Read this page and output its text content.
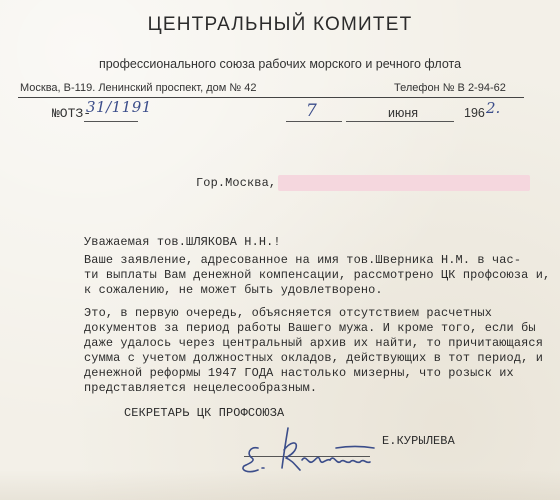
ЦЕНТРАЛЬНЫЙ КОМИТЕТ
профессионального союза рабочих морского и речного флота
Москва, В-119. Ленинский проспект, дом № 42	Телефон № В 2-94-62
№ОТЗ-
31/1191	7	июня	196 2.
Гор.Москва,
Уважаемая тов.ШЛЯКОВА Н.Н.!
Ваше заявление, адресованное на имя тов.Шверника Н.М. в час-
ти выплаты Вам денежной компенсации, рассмотрено ЦК профсоюза и,
к сожалению, не может быть удовлетворено.
Это, в первую очередь, объясняется отсутствием расчетных
документов за период работы Вашего мужа. И кроме того, если бы
даже удалось через центральный архив их найти, то причитающаяся
сумма с учетом должностных окладов, действующих в тот период, и
денежной реформы 1947 ГОДА настолько мизерны, что розыск их
представляется нецелесообразным.
СЕКРЕТАРЬ ЦК ПРОФСОЮЗА
Е.КУРЫЛЕВА
